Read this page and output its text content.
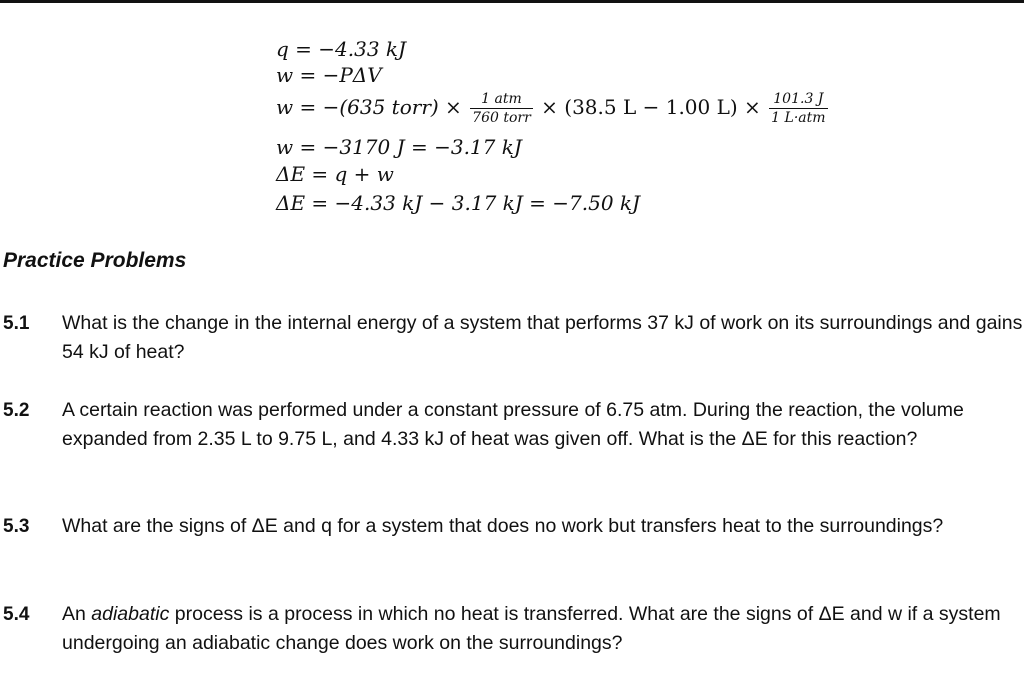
q = −4.33 kJ
w = −PΔV
w = −(635 torr) × $\frac{\text{1 atm}}{\text{760 torr}} \times (38.5$ L − 1.00 $L) \times \frac{101.3 J}{\text{1 L·atm}}$
w = −3170 J = −3.17 kJ
ΔE = q + w
ΔE = −4.33 kJ − 3.17 kJ = −7.50 kJ
Practice Problems
5.1 What is the change in the internal energy of a system that performs 37 kJ of work on its surroundings and gains 54 kJ of heat?
5.2 A certain reaction was performed under a constant pressure of 6.75 atm. During the reaction, the volume expanded from 2.35 L to 9.75 L, and 4.33 kJ of heat was given off. What is the ΔE for this reaction?
5.3 What are the signs of ΔE and q for a system that does no work but transfers heat to the surroundings?
5.4 An adiabatic process is a process in which no heat is transferred. What are the signs of ΔE and w if a system undergoing an adiabatic change does work on the surroundings?
